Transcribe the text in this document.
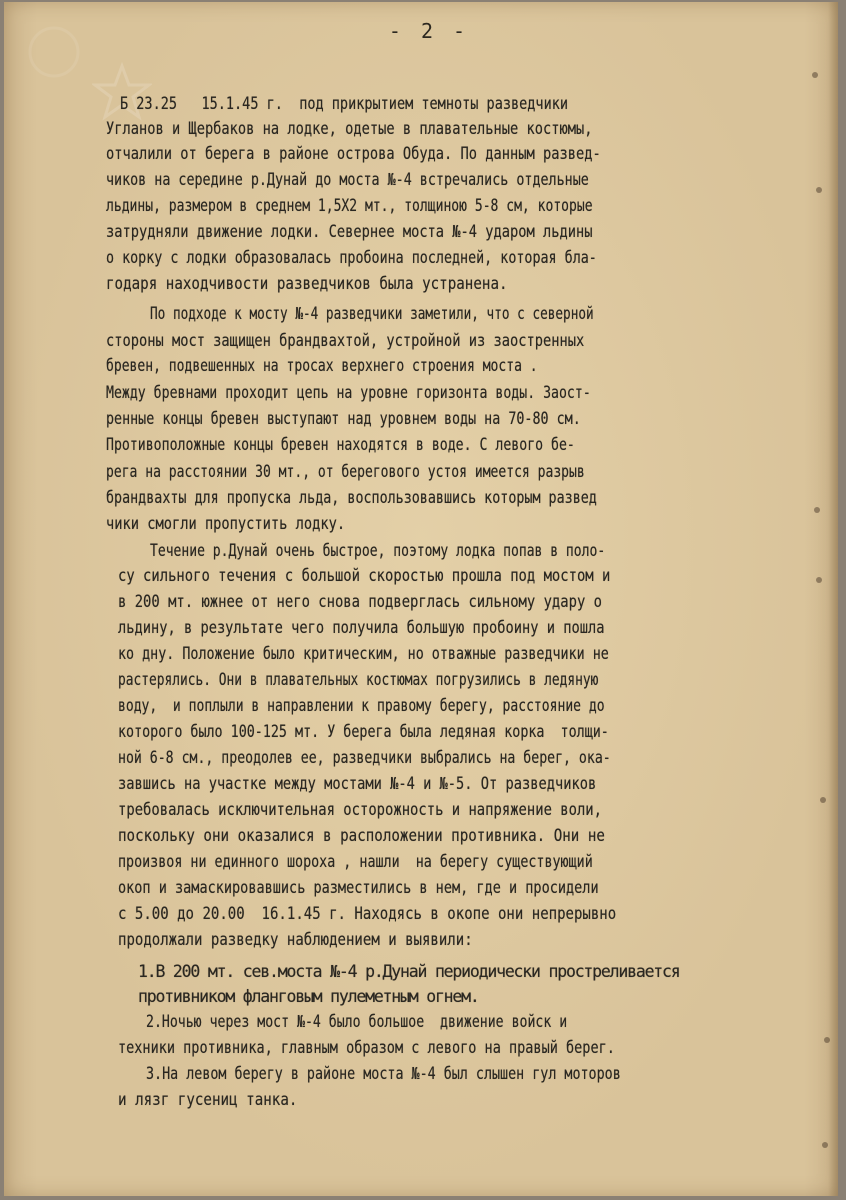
- 2 -
Б 23.25   15.1.45 г.  под прикрытием темноты разведчики
Угланов и Щербаков на лодке, одетые в плавательные костюмы,
отчалили от берега в районе острова Обуда. По данным развед-
чиков на середине р.Дунай до моста №-4 встречались отдельные
льдины, размером в среднем 1,5Х2 мт., толщиною 5-8 см, которые
затрудняли движение лодки. Севернее моста №-4 ударом льдины
о корку с лодки образовалась пробоина последней, которая бла-
годаря находчивости разведчиков была устранена.
По подходе к мосту №-4 разведчики заметили, что с северной
стороны мост защищен брандвахтой, устройной из заостренных
бревен, подвешенных на тросах верхнего строения моста .
Между бревнами проходит цепь на уровне горизонта воды. Заост-
ренные концы бревен выступают над уровнем воды на 70-80 см.
Противоположные концы бревен находятся в воде. С левого бе-
рега на расстоянии 30 мт., от берегового устоя имеется разрыв
брандвахты для пропуска льда, воспользовавшись которым развед
чики смогли пропустить лодку.
Течение р.Дунай очень быстрое, поэтому лодка попав в поло-
су сильного течения с большой скоростью прошла под мостом и
в 200 мт. южнее от него снова подверглась сильному удару о
льдину, в результате чего получила большую пробоину и пошла
ко дну. Положение было критическим, но отважные разведчики не
растерялись. Они в плавательных костюмах погрузились в ледяную
воду,  и поплыли в направлении к правому берегу, расстояние до
которого было 100-125 мт. У берега была ледяная корка  толщи-
ной 6-8 см., преодолев ее, разведчики выбрались на берег, ока-
завшись на участке между мостами №-4 и №-5. От разведчиков
требовалась исключительная осторожность и напряжение воли,
поскольку они оказалися в расположении противника. Они не
произвоя ни единного шороха , нашли  на берегу существующий
окоп и замаскировавшись разместились в нем, где и просидели
с 5.00 до 20.00  16.1.45 г. Находясь в окопе они непрерывно
продолжали разведку наблюдением и выявили:
1.В 200 мт. сев.моста №-4 р.Дунай периодически простреливается противником фланговым пулеметным огнем.
2.Ночью через мост №-4 было большое  движение войск и
техники противника, главным образом с левого на правый берег.
3.На левом берегу в районе моста №-4 был слышен гул моторов
и лязг гусениц танка.
